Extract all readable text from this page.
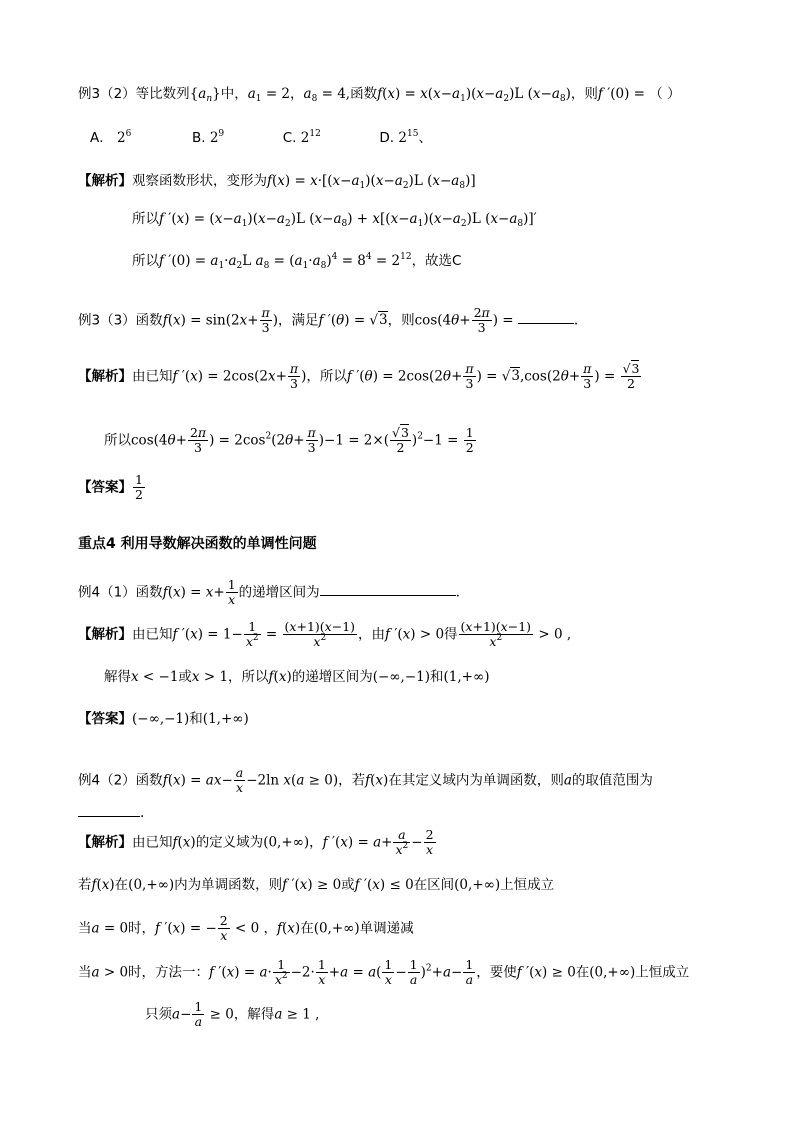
例3（2）等比数列$\{a_n\}$中，$a_1 = 2$，$a_8 = 4$,函数$f(x) = x(x-a_1)(x-a_2)L$ $(x-a_8)$，则f ′(0) = （ ）
A． $2^6$	B. $2^9$	C. $2^{12}$	D. $2^{15}$、
【解析】观察函数形状，变形为$f(x) = x\cdot[(x-a_1)(x-a_2)L$ $(x-a_8)$]
所以f $'(x) = (x-a_1)(x-a_2)L$ $(x-a_8) + x[(x-a_1)(x-a_2)L$ $(x-a_8)]'$
所以f $'(0) = a_1\cdot a_2L$ $a_8 = (a_1\cdot a_8)^4 = 8^4 = 2^{12}$，故选C
例3（3）函数$f(x) = \sin(2x+ \frac{\pi}{3}$ )，满足f ′(θ) = √3，则$\cos(4\theta+ \frac{2\pi}{3}$ ) =	.
【解析】由已知f $'(x) = 2\cos(2x+ \frac{\pi}{3}$ )，所以f $'(\theta) = 2\cos(2\theta+ \frac{\pi}{3}$ ) = $√3,\cos(2\theta+ \frac{\pi}{3}$ ) = $\frac{√3}{2}$
所以$\cos(4\theta+ \frac{2\pi}{3}$ ) = $2\cos^2(2\theta+ \frac{\pi}{3} )-1 = 2\times( \frac{√3}{2} )^2-1 = \frac{1}{2}$
【答案】 $\frac{1}{2}$
重点4 利用导数解决函数的单调性问题
例4（1）函数$f(x) = x+ \frac{1}{x}$ 的递增区间为	.
【解析】由已知f $'(x) = 1- \frac{1}{x^2} = \frac{(x+1)(x-1)}{x^2}$ ，由f ′(x) > 0得 $\frac{(x+1)(x-1)}{x^2} > 0$ ,
解得x < −1或x > 1，所以f(x)的递增区间为(−∞,−1)和(1,+∞)
【答案】(−∞,−1)和(1,+∞)
例4（2）函数$f(x) = ax- \frac{a}{x} -2\ln$ x(a ≥ 0)，若f(x)在其定义域内为单调函数，则a的取值范围为
.
【解析】由已知f(x)的定义域为(0,+∞)，f $'(x) = a+ \frac{a}{x^2} - \frac{2}{x}$
若f(x)在(0,+∞)内为单调函数，则f ′(x) ≥ 0或f ′(x) ≤ 0在区间(0,+∞)上恒成立
当a = 0时，f ′(x) = − $\frac{2}{x} < 0$ ，f(x)在(0,+∞)单调递减
当a > 0时，方法一：f $'(x) = a\cdot \frac{1}{x^2} -2\cdot \frac{1}{x} +a = a( \frac{1}{x} - \frac{1}{a} )^2+a- \frac{1}{a}$ ，要使f ′(x) ≥ 0在(0,+∞)上恒成立
只须$a- \frac{1}{a} \ge 0$，解得a ≥ 1 ,
